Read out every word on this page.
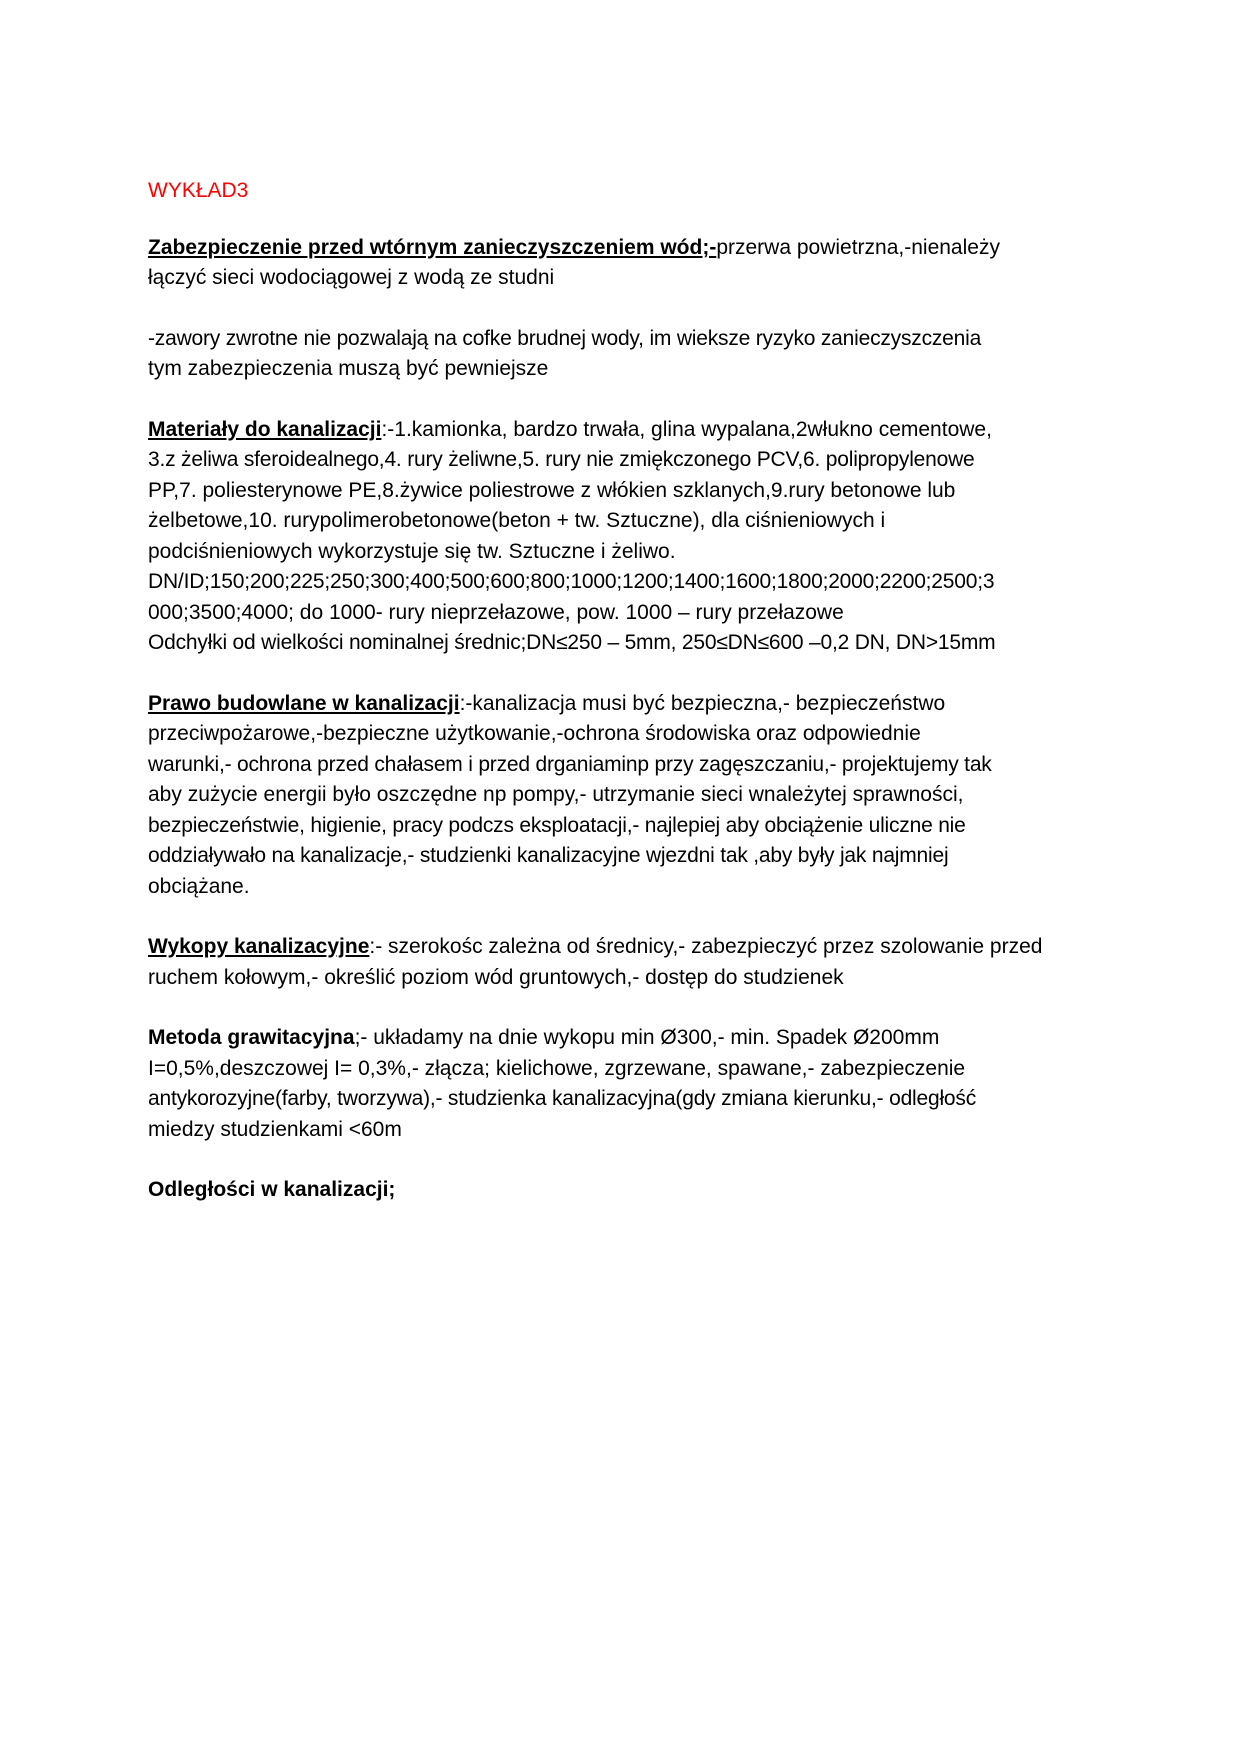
WYKŁAD3
Zabezpieczenie przed wtórnym zanieczyszczeniem wód;-przerwa powietrzna,-nienależy
łączyć sieci wodociągowej z wodą ze studni
-zawory zwrotne nie pozwalają na cofke brudnej wody, im wieksze ryzyko zanieczyszczenia
tym zabezpieczenia muszą być pewniejsze
Materiały do kanalizacji:-1.kamionka, bardzo trwała, glina wypalana,2włukno cementowe,
3.z żeliwa sferoidealnego,4. rury żeliwne,5. rury nie zmiękczonego PCV,6. polipropylenowe
PP,7. poliesterynowe PE,8.żywice poliestrowe z włókien szklanych,9.rury betonowe lub
żelbetowe,10. rurypolimerobetonowe(beton + tw. Sztuczne), dla ciśnieniowych i
podciśnieniowych wykorzystuje się tw. Sztuczne i żeliwo.
DN/ID;150;200;225;250;300;400;500;600;800;1000;1200;1400;1600;1800;2000;2200;2500;3
000;3500;4000; do 1000- rury nieprzełazowe, pow. 1000 – rury przełazowe
Odchyłki od wielkości nominalnej średnic;DN≤250 – 5mm, 250≤DN≤600 –0,2 DN, DN>15mm
Prawo budowlane w kanalizacji:-kanalizacja musi być bezpieczna,- bezpieczeństwo
przeciwpożarowe,-bezpieczne użytkowanie,-ochrona środowiska oraz odpowiednie
warunki,- ochrona przed chałasem i przed drganiaminp przy zagęszczaniu,- projektujemy tak
aby zużycie energii było oszczędne np pompy,- utrzymanie sieci wnależytej sprawności,
bezpieczeństwie, higienie, pracy podczs eksploatacji,- najlepiej aby obciążenie uliczne nie
oddziaływało na kanalizacje,- studzienki kanalizacyjne wjezdni tak ,aby były jak najmniej
obciążane.
Wykopy kanalizacyjne:- szerokośc zależna od średnicy,- zabezpieczyć przez szolowanie przed
ruchem kołowym,- określić poziom wód gruntowych,- dostęp do studzienek
Metoda grawitacyjna;- układamy na dnie wykopu min Ø300,- min. Spadek Ø200mm
I=0,5%,deszczowej I= 0,3%,- złącza; kielichowe, zgrzewane, spawane,- zabezpieczenie
antykorozyjne(farby, tworzywa),- studzienka kanalizacyjna(gdy zmiana kierunku,- odległość
miedzy studzienkami <60m
Odległości w kanalizacji;
